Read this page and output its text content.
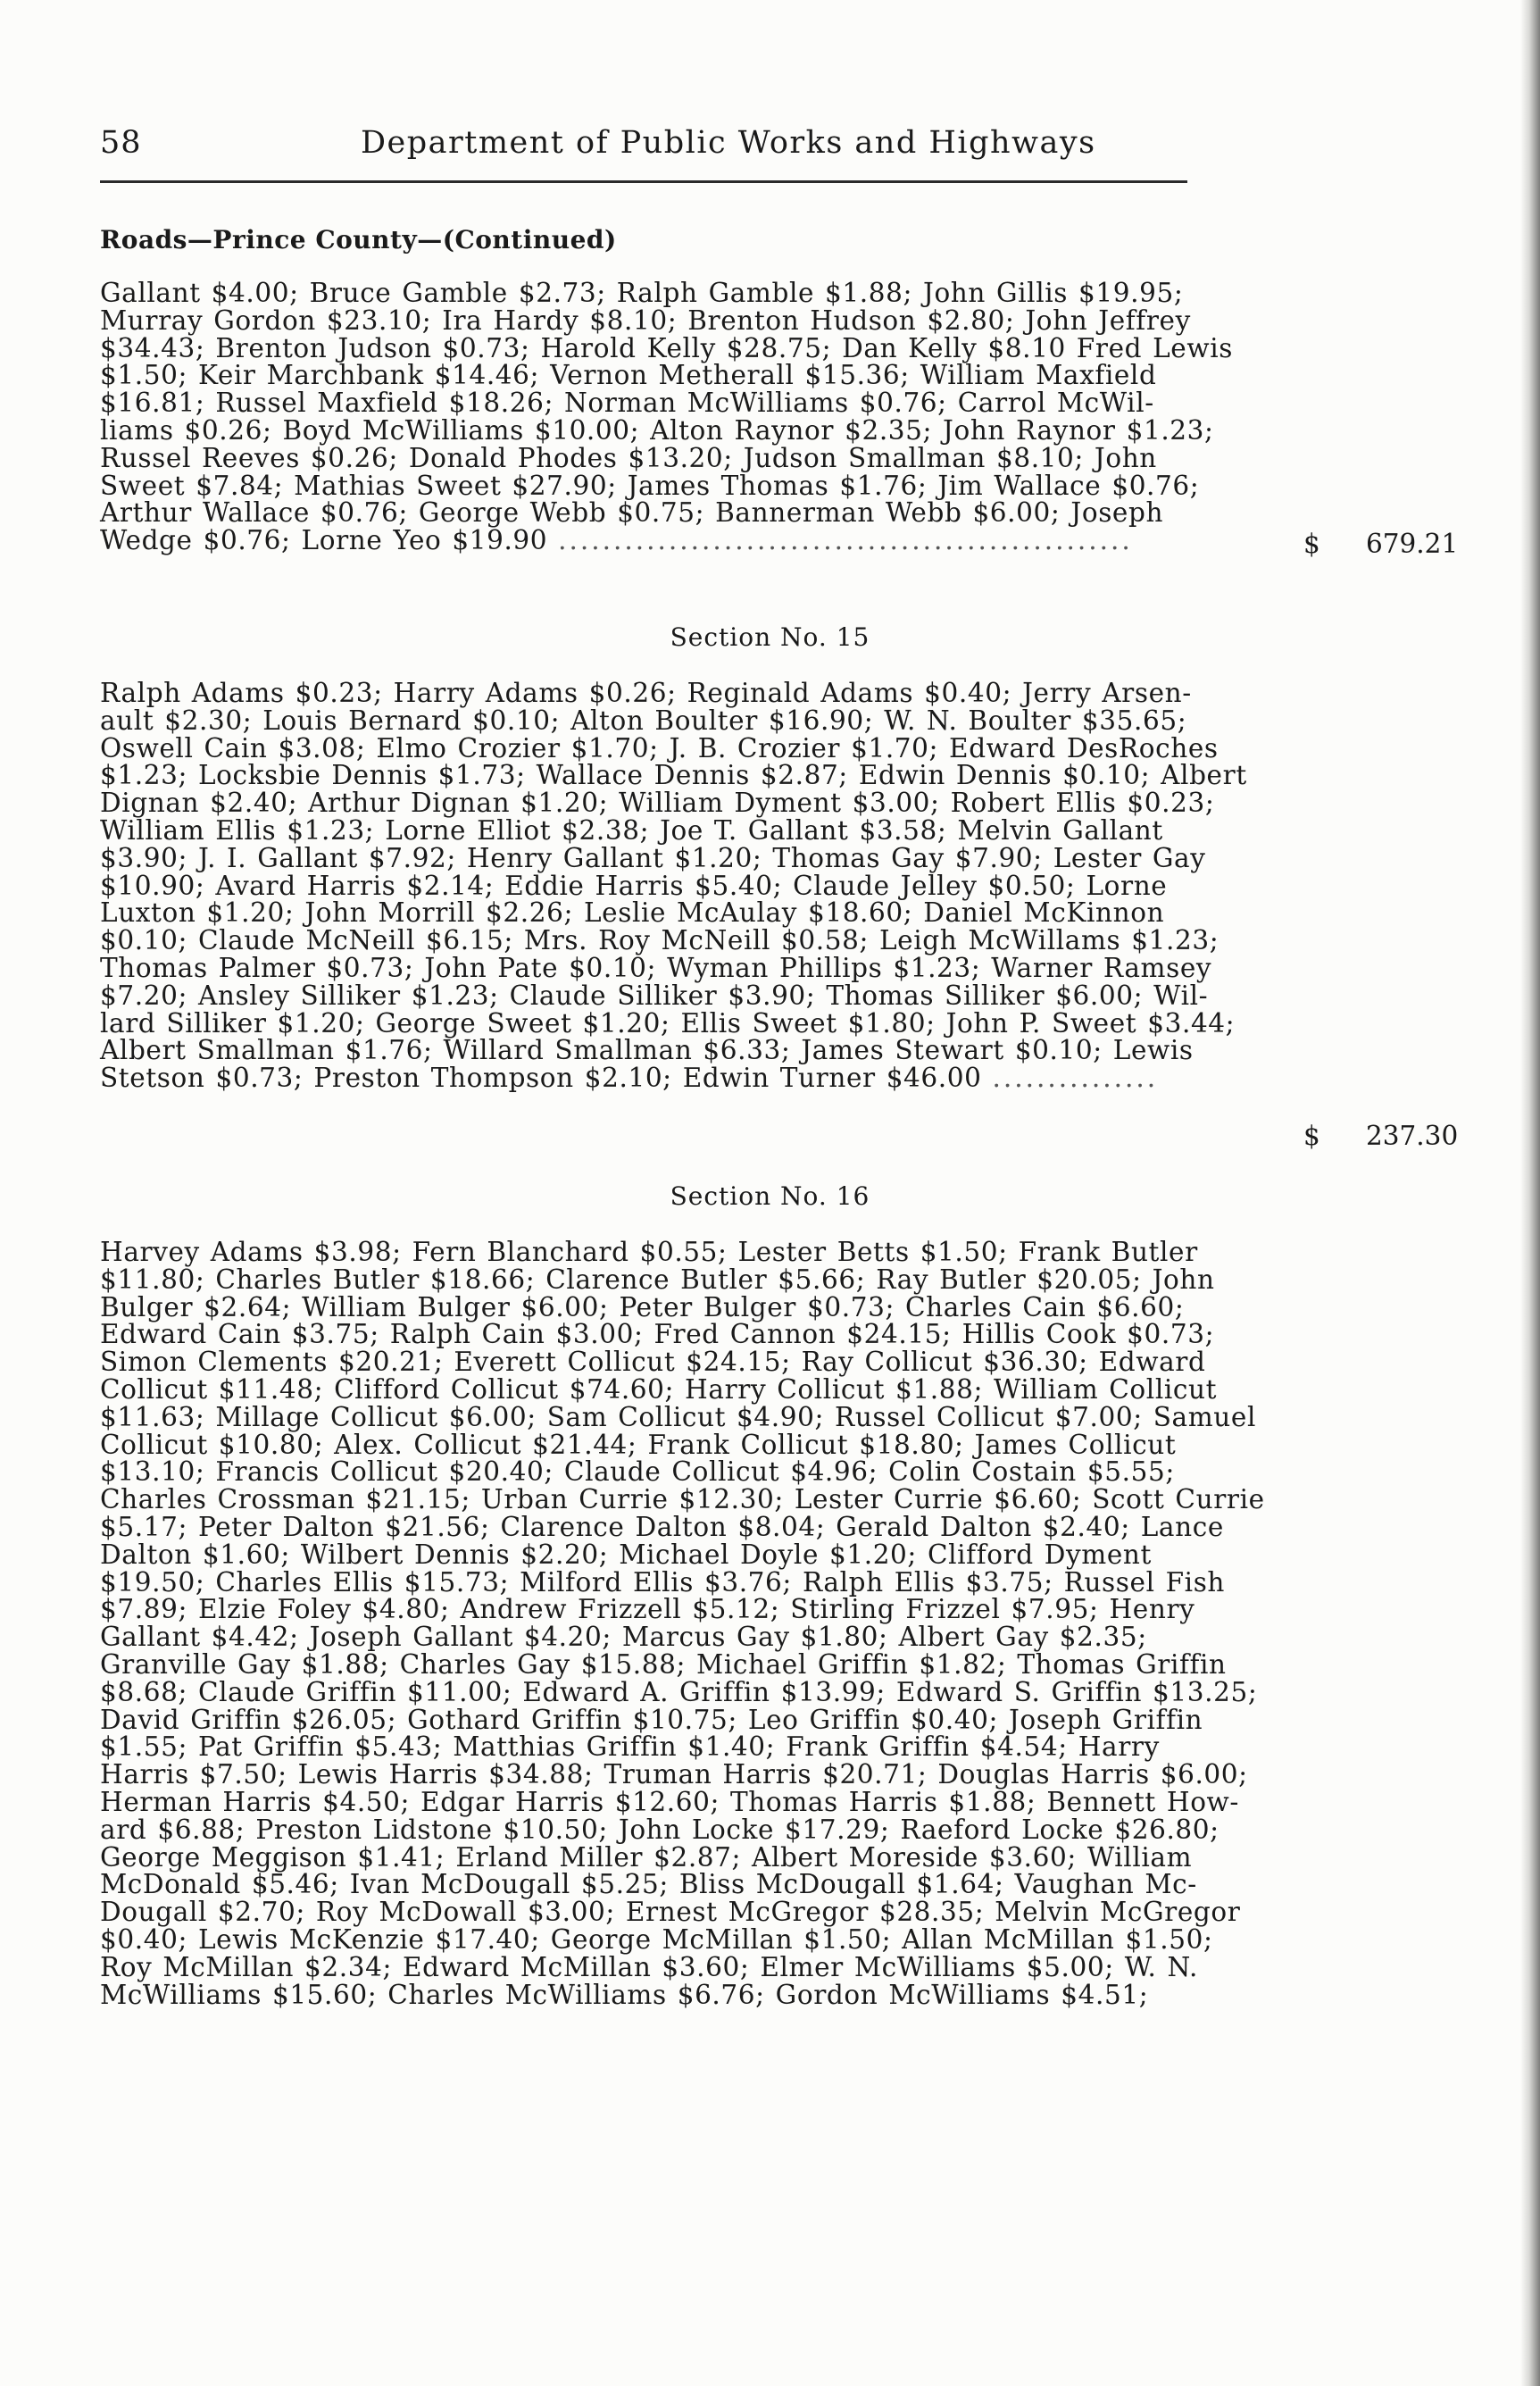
58	Department of Public Works and Highways
Roads—Prince County—(Continued)
Gallant $4.00; Bruce Gamble $2.73; Ralph Gamble $1.88; John Gillis $19.95;
Murray Gordon $23.10; Ira Hardy $8.10; Brenton Hudson $2.80; John Jeffrey
$34.43; Brenton Judson $0.73; Harold Kelly $28.75; Dan Kelly $8.10 Fred Lewis
$1.50; Keir Marchbank $14.46; Vernon Metherall $15.36; William Maxfield
$16.81; Russel Maxfield $18.26; Norman McWilliams $0.76; Carrol McWil-
liams $0.26; Boyd McWilliams $10.00; Alton Raynor $2.35; John Raynor $1.23;
Russel Reeves $0.26; Donald Phodes $13.20; Judson Smallman $8.10; John
Sweet $7.84; Mathias Sweet $27.90; James Thomas $1.76; Jim Wallace $0.76;
Arthur Wallace $0.76; George Webb $0.75; Bannerman Webb $6.00; Joseph
Wedge $0.76; Lorne Yeo $19.90 ....................................................	$ 679.21
Section No. 15
Ralph Adams $0.23; Harry Adams $0.26; Reginald Adams $0.40; Jerry Arsen-
ault $2.30; Louis Bernard $0.10; Alton Boulter $16.90; W. N. Boulter $35.65;
Oswell Cain $3.08; Elmo Crozier $1.70; J. B. Crozier $1.70; Edward DesRoches
$1.23; Locksbie Dennis $1.73; Wallace Dennis $2.87; Edwin Dennis $0.10; Albert
Dignan $2.40; Arthur Dignan $1.20; William Dyment $3.00; Robert Ellis $0.23;
William Ellis $1.23; Lorne Elliot $2.38; Joe T. Gallant $3.58; Melvin Gallant
$3.90; J. I. Gallant $7.92; Henry Gallant $1.20; Thomas Gay $7.90; Lester Gay
$10.90; Avard Harris $2.14; Eddie Harris $5.40; Claude Jelley $0.50; Lorne
Luxton $1.20; John Morrill $2.26; Leslie McAulay $18.60; Daniel McKinnon
$0.10; Claude McNeill $6.15; Mrs. Roy McNeill $0.58; Leigh McWillams $1.23;
Thomas Palmer $0.73; John Pate $0.10; Wyman Phillips $1.23; Warner Ramsey
$7.20; Ansley Silliker $1.23; Claude Silliker $3.90; Thomas Silliker $6.00; Wil-
lard Silliker $1.20; George Sweet $1.20; Ellis Sweet $1.80; John P. Sweet $3.44;
Albert Smallman $1.76; Willard Smallman $6.33; James Stewart $0.10; Lewis
Stetson $0.73; Preston Thompson $2.10; Edwin Turner $46.00 ...............
$ 237.30
Section No. 16
Harvey Adams $3.98; Fern Blanchard $0.55; Lester Betts $1.50; Frank Butler
$11.80; Charles Butler $18.66; Clarence Butler $5.66; Ray Butler $20.05; John
Bulger $2.64; William Bulger $6.00; Peter Bulger $0.73; Charles Cain $6.60;
Edward Cain $3.75; Ralph Cain $3.00; Fred Cannon $24.15; Hillis Cook $0.73;
Simon Clements $20.21; Everett Collicut $24.15; Ray Collicut $36.30; Edward
Collicut $11.48; Clifford Collicut $74.60; Harry Collicut $1.88; William Collicut
$11.63; Millage Collicut $6.00; Sam Collicut $4.90; Russel Collicut $7.00; Samuel
Collicut $10.80; Alex. Collicut $21.44; Frank Collicut $18.80; James Collicut
$13.10; Francis Collicut $20.40; Claude Collicut $4.96; Colin Costain $5.55;
Charles Crossman $21.15; Urban Currie $12.30; Lester Currie $6.60; Scott Currie
$5.17; Peter Dalton $21.56; Clarence Dalton $8.04; Gerald Dalton $2.40; Lance
Dalton $1.60; Wilbert Dennis $2.20; Michael Doyle $1.20; Clifford Dyment
$19.50; Charles Ellis $15.73; Milford Ellis $3.76; Ralph Ellis $3.75; Russel Fish
$7.89; Elzie Foley $4.80; Andrew Frizzell $5.12; Stirling Frizzel $7.95; Henry
Gallant $4.42; Joseph Gallant $4.20; Marcus Gay $1.80; Albert Gay $2.35;
Granville Gay $1.88; Charles Gay $15.88; Michael Griffin $1.82; Thomas Griffin
$8.68; Claude Griffin $11.00; Edward A. Griffin $13.99; Edward S. Griffin $13.25;
David Griffin $26.05; Gothard Griffin $10.75; Leo Griffin $0.40; Joseph Griffin
$1.55; Pat Griffin $5.43; Matthias Griffin $1.40; Frank Griffin $4.54; Harry
Harris $7.50; Lewis Harris $34.88; Truman Harris $20.71; Douglas Harris $6.00;
Herman Harris $4.50; Edgar Harris $12.60; Thomas Harris $1.88; Bennett How-
ard $6.88; Preston Lidstone $10.50; John Locke $17.29; Raeford Locke $26.80;
George Meggison $1.41; Erland Miller $2.87; Albert Moreside $3.60; William
McDonald $5.46; Ivan McDougall $5.25; Bliss McDougall $1.64; Vaughan Mc-
Dougall $2.70; Roy McDowall $3.00; Ernest McGregor $28.35; Melvin McGregor
$0.40; Lewis McKenzie $17.40; George McMillan $1.50; Allan McMillan $1.50;
Roy McMillan $2.34; Edward McMillan $3.60; Elmer McWilliams $5.00; W. N.
McWilliams $15.60; Charles McWilliams $6.76; Gordon McWilliams $4.51;
